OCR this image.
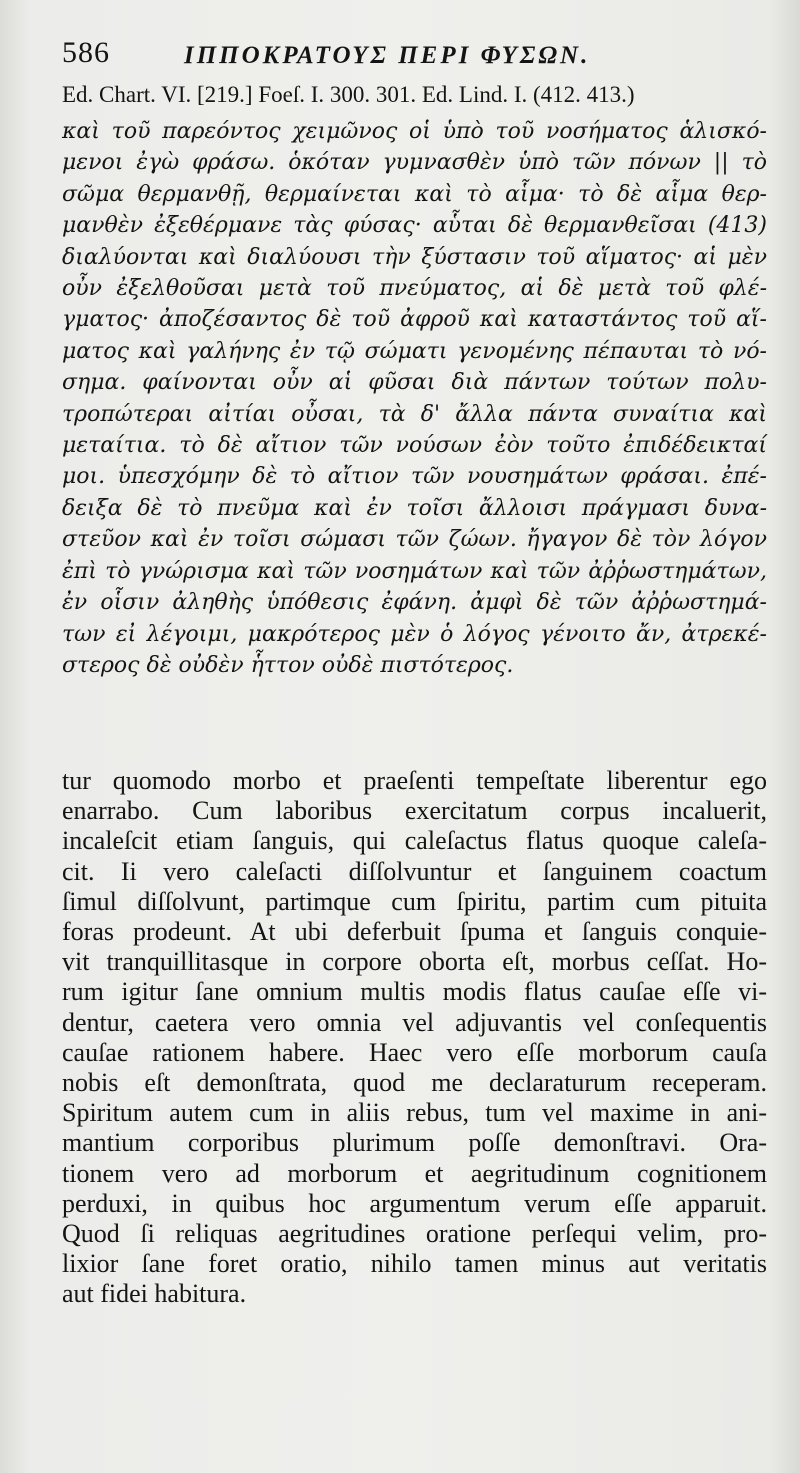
586	ΙΠΠΟΚΡΑΤΟΥΣ ΠΕΡΙ ΦΥΣΩΝ.
Ed. Chart. VI. [219.] Foeſ. I. 300. 301. Ed. Lind. I. (412. 413.)
καὶ τοῦ παρεόντος χειμῶνος οἱ ὑπὸ τοῦ νοσήματος ἁλισκό-
μενοι ἐγὼ φράσω. ὁκόταν γυμνασθὲν ὑπὸ τῶν πόνων || τὸ
σῶμα θερμανθῇ, θερμαίνεται καὶ τὸ αἷμα· τὸ δὲ αἷμα θερ-
μανθὲν ἐξεθέρμανε τὰς φύσας· αὗται δὲ θερμανθεῖσαι (413)
διαλύονται καὶ διαλύουσι τὴν ξύστασιν τοῦ αἵματος· αἱ μὲν
οὖν ἐξελθοῦσαι μετὰ τοῦ πνεύματος, αἱ δὲ μετὰ τοῦ φλέ-
γματος· ἀποζέσαντος δὲ τοῦ ἀφροῦ καὶ καταστάντος τοῦ αἵ-
ματος καὶ γαλήνης ἐν τῷ σώματι γενομένης πέπαυται τὸ νό-
σημα. φαίνονται οὖν αἱ φῦσαι διὰ πάντων τούτων πολυ-
τροπώτεραι αἰτίαι οὖσαι, τὰ δ' ἄλλα πάντα συναίτια καὶ
μεταίτια. τὸ δὲ αἴτιον τῶν νούσων ἐὸν τοῦτο ἐπιδέδεικταί
μοι. ὑπεσχόμην δὲ τὸ αἴτιον τῶν νουσημάτων φράσαι. ἐπέ-
δειξα δὲ τὸ πνεῦμα καὶ ἐν τοῖσι ἄλλοισι πράγμασι δυνα-
στεῦον καὶ ἐν τοῖσι σώμασι τῶν ζώων. ἤγαγον δὲ τὸν λόγον
ἐπὶ τὸ γνώρισμα καὶ τῶν νοσημάτων καὶ τῶν ἀῤῥωστημάτων,
ἐν οἷσιν ἀληθὴς ὑπόθεσις ἐφάνη. ἀμφὶ δὲ τῶν ἀῤῥωστημά-
των εἰ λέγοιμι, μακρότερος μὲν ὁ λόγος γένοιτο ἄν, ἀτρεκέ-
στερος δὲ οὐδὲν ἧττον οὐδὲ πιστότερος.
tur quomodo morbo et praeſenti tempeſtate liberentur ego
enarrabo. Cum laboribus exercitatum corpus incaluerit,
incaleſcit etiam ſanguis, qui caleſactus flatus quoque caleſa-
cit. Ii vero caleſacti diſſolvuntur et ſanguinem coactum
ſimul diſſolvunt, partimque cum ſpiritu, partim cum pituita
foras prodeunt. At ubi deferbuit ſpuma et ſanguis conquie-
vit tranquillitasque in corpore oborta eſt, morbus ceſſat. Ho-
rum igitur ſane omnium multis modis flatus cauſae eſſe vi-
dentur, caetera vero omnia vel adjuvantis vel conſequentis
cauſae rationem habere. Haec vero eſſe morborum cauſa
nobis eſt demonſtrata, quod me declaraturum receperam.
Spiritum autem cum in aliis rebus, tum vel maxime in ani-
mantium corporibus plurimum poſſe demonſtravi. Ora-
tionem vero ad morborum et aegritudinum cognitionem
perduxi, in quibus hoc argumentum verum eſſe apparuit.
Quod ſi reliquas aegritudines oratione perſequi velim, pro-
lixior ſane foret oratio, nihilo tamen minus aut veritatis
aut fidei habitura.
